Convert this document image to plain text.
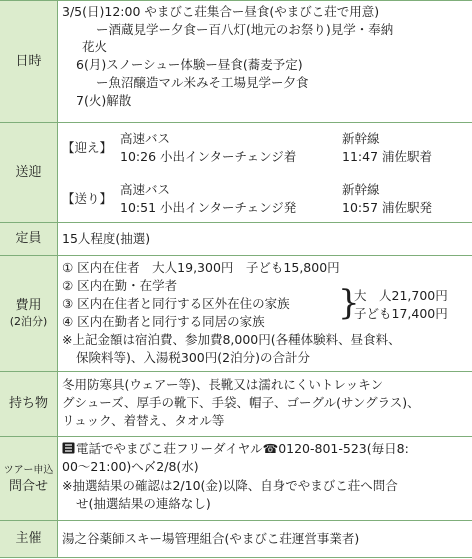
日時
3/5(日)12:00 やまびこ荘集合ー昼食(やまびこ荘で用意)
ー酒蔵見学ー夕食ー百八灯(地元のお祭り)見学・奉納
花火
6(月)スノーシュー体験ー昼食(蕎麦予定)
ー魚沼醸造マル米みそ工場見学ー夕食
7(火)解散
送迎
【迎え】
高速バス
10:26 小出インターチェンジ着
新幹線
11:47 浦佐駅着
【送り】
高速バス
10:51 小出インターチェンジ発
新幹線
10:57 浦佐駅発
定員 15人程度(抽選)
費用
(2泊分)
① 区内在住者　大人19,300円　子ども15,800円
② 区内在勤・在学者
③ 区内在住者と同行する区外在住の家族
④ 区内在勤者と同行する同居の家族 }
大　人21,700円
子ども17,400円
※上記金額は宿泊費、参加費8,000円(各種体験料、昼食料、
保険料等)、入湯税300円(2泊分)の合計分
持ち物
冬用防寒具(ウェアー等)、長靴又は濡れにくいトレッキン
グシューズ、厚手の靴下、手袋、帽子、ゴーグル(サングラス)、
リュック、着替え、タオル等
ツアー申込
問合せ
電話でやまびこ荘フリーダイヤル☎0120-801-523(毎日8:
00～21:00)へ〆2/8(水)
※抽選結果の確認は2/10(金)以降、自身でやまびこ荘へ問合
せ(抽選結果の連絡なし)
主催 湯之谷薬師スキー場管理組合(やまびこ荘運営事業者)
